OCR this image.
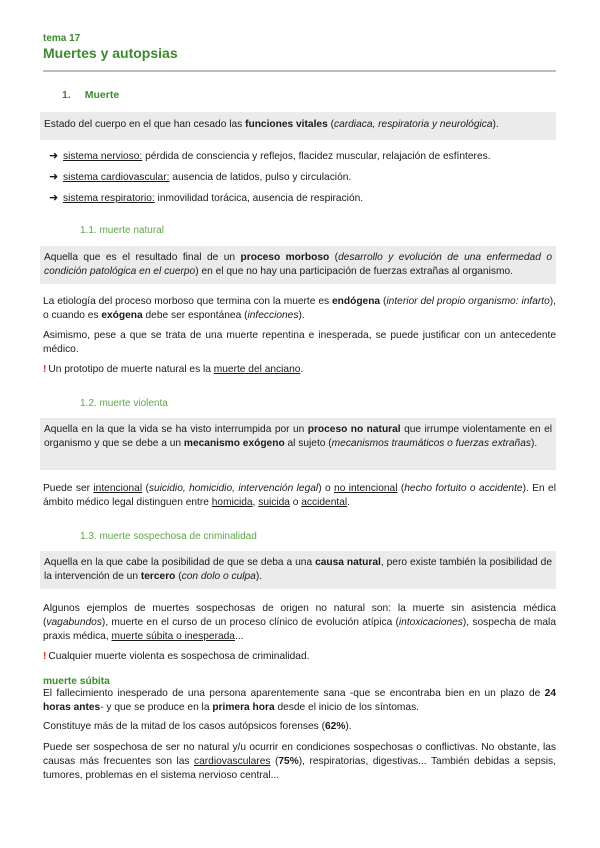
tema 17
Muertes y autopsias
1. Muerte
Estado del cuerpo en el que han cesado las funciones vitales (cardiaca, respiratoria y neurológica).
➜ sistema nervioso: pérdida de consciencia y reflejos, flacidez muscular, relajación de esfínteres.
➜ sistema cardiovascular: ausencia de latidos, pulso y circulación.
➜ sistema respiratorio: inmovilidad torácica, ausencia de respiración.
1.1. muerte natural
Aquella que es el resultado final de un proceso morboso (desarrollo y evolución de una enfermedad o condición patológica en el cuerpo) en el que no hay una participación de fuerzas extrañas al organismo.
La etiología del proceso morboso que termina con la muerte es endógena (interior del propio organismo: infarto), o cuando es exógena debe ser espontánea (infecciones).
Asimismo, pese a que se trata de una muerte repentina e inesperada, se puede justificar con un antecedente médico.
! Un prototipo de muerte natural es la muerte del anciano.
1.2. muerte violenta
Aquella en la que la vida se ha visto interrumpida por un proceso no natural que irrumpe violentamente en el organismo y que se debe a un mecanismo exógeno al sujeto (mecanismos traumáticos o fuerzas extrañas).
Puede ser intencional (suicidio, homicidio, intervención legal) o no intencional (hecho fortuito o accidente). En el ámbito médico legal distinguen entre homicida, suicida o accidental.
1.3. muerte sospechosa de criminalidad
Aquella en la que cabe la posibilidad de que se deba a una causa natural, pero existe también la posibilidad de la intervención de un tercero (con dolo o culpa).
Algunos ejemplos de muertes sospechosas de origen no natural son: la muerte sin asistencia médica (vagabundos), muerte en el curso de un proceso clínico de evolución atípica (intoxicaciones), sospecha de mala praxis médica, muerte súbita o inesperada...
! Cualquier muerte violenta es sospechosa de criminalidad.
muerte súbita
El fallecimiento inesperado de una persona aparentemente sana -que se encontraba bien en un plazo de 24 horas antes- y que se produce en la primera hora desde el inicio de los síntomas.
Constituye más de la mitad de los casos autópsicos forenses (62%).
Puede ser sospechosa de ser no natural y/u ocurrir en condiciones sospechosas o conflictivas. No obstante, las causas más frecuentes son las cardiovasculares (75%), respiratorias, digestivas... También debidas a sepsis, tumores, problemas en el sistema nervioso central...
